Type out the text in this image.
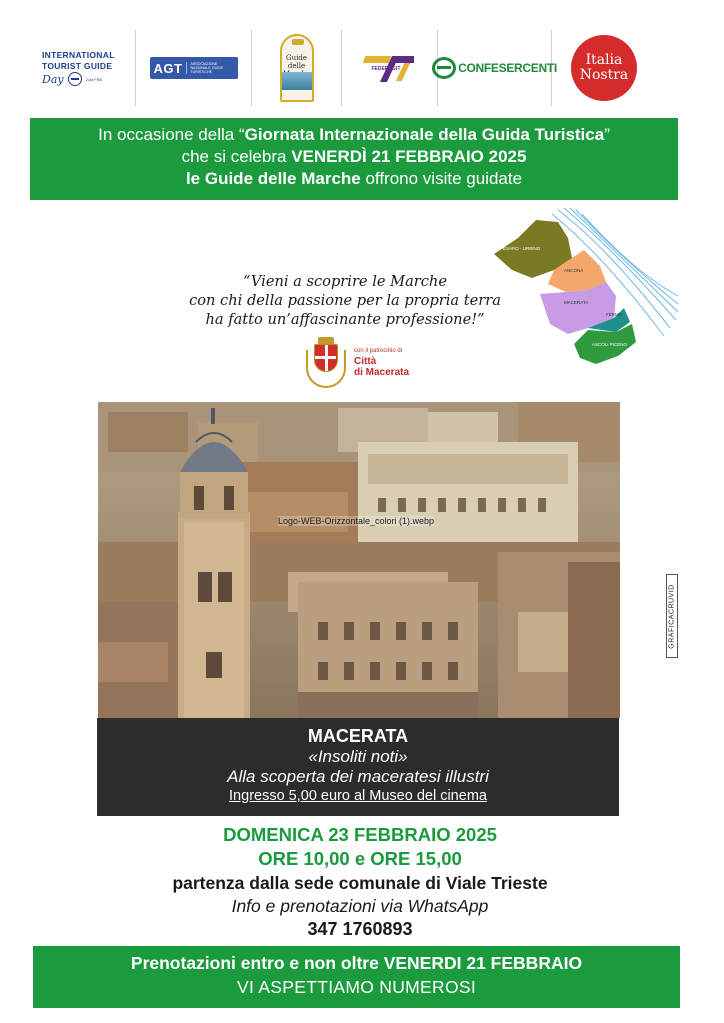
INTERNATIONAL TOURIST GUIDE
Day	21st FEB
AGT	ASSOCIAZIONE NAZIONALE GUIDE TURISTICHE
Guide delle	FEDERAGIT	CONFESERCENTI	Italia
Nostra
In occasione della “Giornata Internazionale della Guida Turistica”
che si celebra VENERDÌ 21 FEBBRAIO 2025
le Guide delle Marche offrono visite guidate
“Vieni a scoprire le Marche
con chi della passione per la propria terra
ha fatto un’affascinante professione!”
con il patrocinio di
Città
di Macerata
PESARO - URBINO
ANCONA
MACERATA
FERMO
ASCOLI PICENO
Logo-WEB-Orizzontale_colori (1).webp
GRAFICACRUVID
MACERATA
«Insoliti noti»
Alla scoperta dei maceratesi illustri
Ingresso 5,00 euro al Museo del cinema
DOMENICA 23 FEBBRAIO 2025
ORE 10,00 e ORE 15,00
partenza dalla sede comunale di Viale Trieste
Info e prenotazioni via WhatsApp
347 1760893
Prenotazioni entro e non oltre VENERDI 21 FEBBRAIO
VI ASPETTIAMO NUMEROSI
